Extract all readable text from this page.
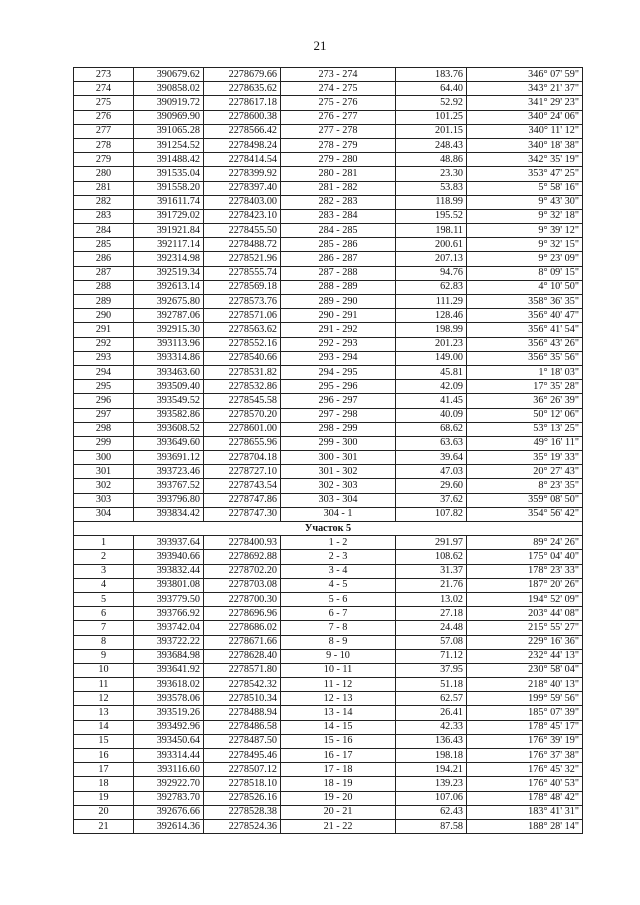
21
273	390679.62	2278679.66	273 - 274	183.76	346° 07' 59"
274	390858.02	2278635.62	274 - 275	64.40	343° 21' 37"
275	390919.72	2278617.18	275 - 276	52.92	341° 29' 23"
276	390969.90	2278600.38	276 - 277	101.25	340° 24' 06"
277	391065.28	2278566.42	277 - 278	201.15	340° 11' 12"
278	391254.52	2278498.24	278 - 279	248.43	340° 18' 38"
279	391488.42	2278414.54	279 - 280	48.86	342° 35' 19"
280	391535.04	2278399.92	280 - 281	23.30	353° 47' 25"
281	391558.20	2278397.40	281 - 282	53.83	5° 58' 16"
282	391611.74	2278403.00	282 - 283	118.99	9° 43' 30"
283	391729.02	2278423.10	283 - 284	195.52	9° 32' 18"
284	391921.84	2278455.50	284 - 285	198.11	9° 39' 12"
285	392117.14	2278488.72	285 - 286	200.61	9° 32' 15"
286	392314.98	2278521.96	286 - 287	207.13	9° 23' 09"
287	392519.34	2278555.74	287 - 288	94.76	8° 09' 15"
288	392613.14	2278569.18	288 - 289	62.83	4° 10' 50"
289	392675.80	2278573.76	289 - 290	111.29	358° 36' 35"
290	392787.06	2278571.06	290 - 291	128.46	356° 40' 47"
291	392915.30	2278563.62	291 - 292	198.99	356° 41' 54"
292	393113.96	2278552.16	292 - 293	201.23	356° 43' 26"
293	393314.86	2278540.66	293 - 294	149.00	356° 35' 56"
294	393463.60	2278531.82	294 - 295	45.81	1° 18' 03"
295	393509.40	2278532.86	295 - 296	42.09	17° 35' 28"
296	393549.52	2278545.58	296 - 297	41.45	36° 26' 39"
297	393582.86	2278570.20	297 - 298	40.09	50° 12' 06"
298	393608.52	2278601.00	298 - 299	68.62	53° 13' 25"
299	393649.60	2278655.96	299 - 300	63.63	49° 16' 11"
300	393691.12	2278704.18	300 - 301	39.64	35° 19' 33"
301	393723.46	2278727.10	301 - 302	47.03	20° 27' 43"
302	393767.52	2278743.54	302 - 303	29.60	8° 23' 35"
303	393796.80	2278747.86	303 - 304	37.62	359° 08' 50"
304	393834.42	2278747.30	304 - 1	107.82	354° 56' 42"
Участок 5					
1	393937.64	2278400.93	1 - 2	291.97	89° 24' 26"
2	393940.66	2278692.88	2 - 3	108.62	175° 04' 40"
3	393832.44	2278702.20	3 - 4	31.37	178° 23' 33"
4	393801.08	2278703.08	4 - 5	21.76	187° 20' 26"
5	393779.50	2278700.30	5 - 6	13.02	194° 52' 09"
6	393766.92	2278696.96	6 - 7	27.18	203° 44' 08"
7	393742.04	2278686.02	7 - 8	24.48	215° 55' 27"
8	393722.22	2278671.66	8 - 9	57.08	229° 16' 36"
9	393684.98	2278628.40	9 - 10	71.12	232° 44' 13"
10	393641.92	2278571.80	10 - 11	37.95	230° 58' 04"
11	393618.02	2278542.32	11 - 12	51.18	218° 40' 13"
12	393578.06	2278510.34	12 - 13	62.57	199° 59' 56"
13	393519.26	2278488.94	13 - 14	26.41	185° 07' 39"
14	393492.96	2278486.58	14 - 15	42.33	178° 45' 17"
15	393450.64	2278487.50	15 - 16	136.43	176° 39' 19"
16	393314.44	2278495.46	16 - 17	198.18	176° 37' 38"
17	393116.60	2278507.12	17 - 18	194.21	176° 45' 32"
18	392922.70	2278518.10	18 - 19	139.23	176° 40' 53"
19	392783.70	2278526.16	19 - 20	107.06	178° 48' 42"
20	392676.66	2278528.38	20 - 21	62.43	183° 41' 31"
21	392614.36	2278524.36	21 - 22	87.58	188° 28' 14"
